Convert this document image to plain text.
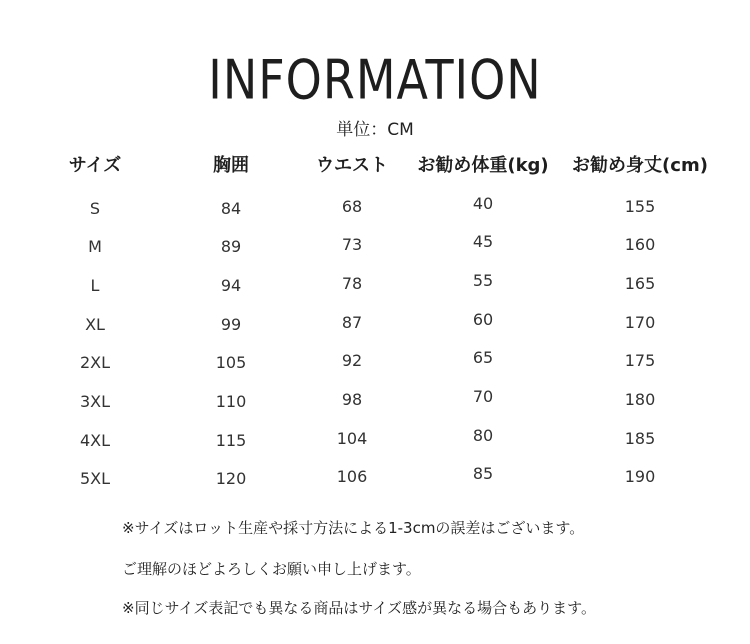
INFORMATION
単位：CM
サイズ	胸囲	ウエスト	お勧め体重(kg)	お勧め身丈(cm)
S	84	68	40	155
M	89	73	45	160
L	94	78	55	165
XL	99	87	60	170
2XL	105	92	65	175
3XL	110	98	70	180
4XL	115	104	80	185
5XL	120	106	85	190
※サイズはロット生産や採寸方法による1-3cmの誤差はございます。
ご理解のほどよろしくお願い申し上げます。
※同じサイズ表記でも異なる商品はサイズ感が異なる場合もあります。
